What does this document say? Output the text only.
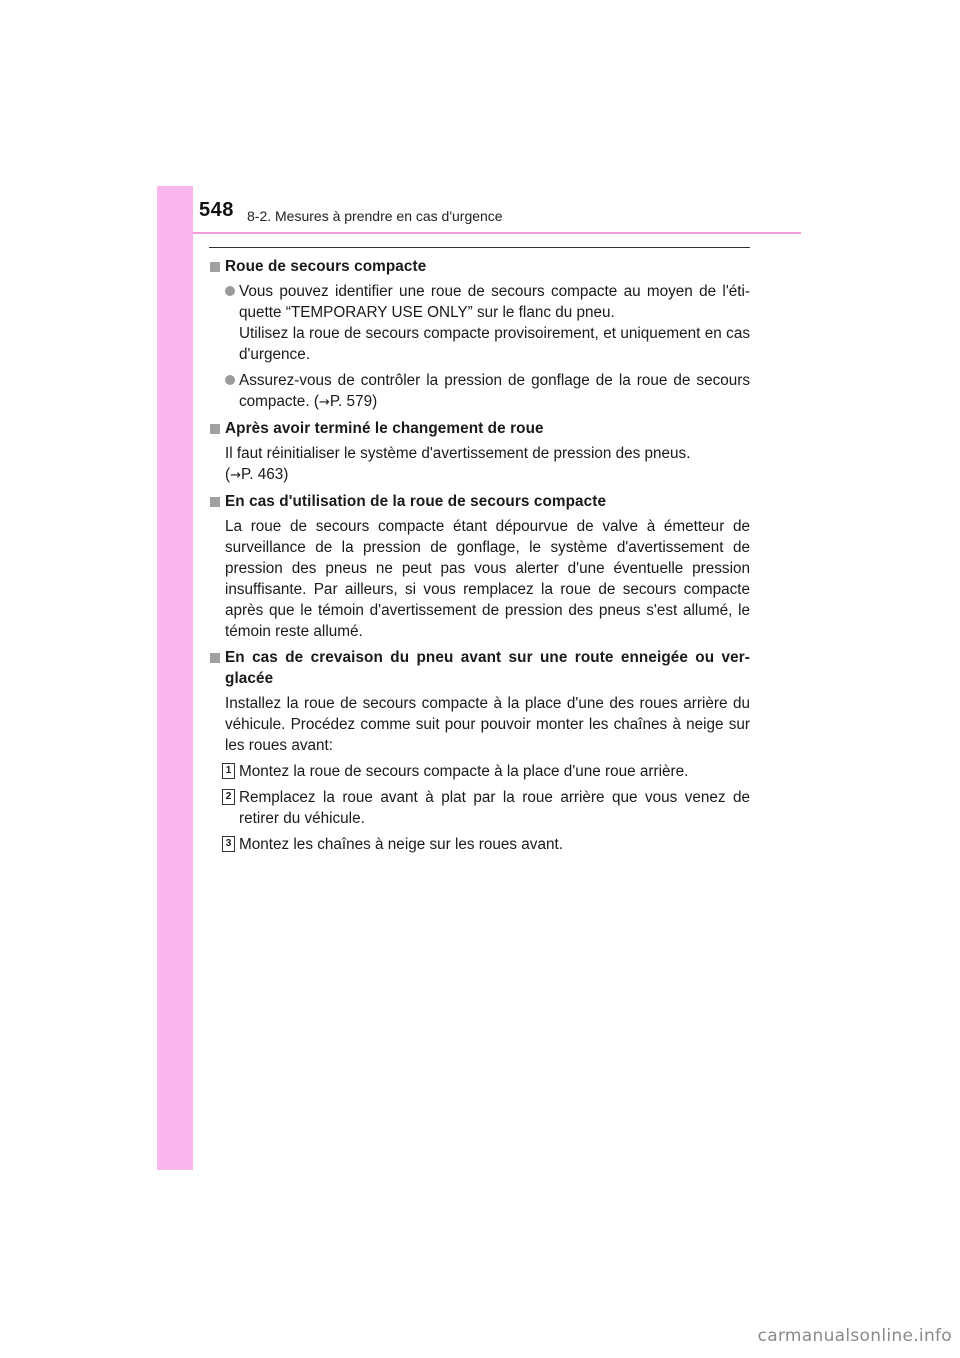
548 8-2. Mesures à prendre en cas d'urgence
Roue de secours compacte
Vous pouvez identifier une roue de secours compacte au moyen de l'éti-quette “TEMPORARY USE ONLY” sur le flanc du pneu.
Utilisez la roue de secours compacte provisoirement, et uniquement en cas d'urgence.
Assurez-vous de contrôler la pression de gonflage de la roue de secours compacte. (→P. 579)
Après avoir terminé le changement de roue
Il faut réinitialiser le système d'avertissement de pression des pneus.
(→P. 463)
En cas d'utilisation de la roue de secours compacte
La roue de secours compacte étant dépourvue de valve à émetteur de surveillance de la pression de gonflage, le système d'avertissement de pression des pneus ne peut pas vous alerter d'une éventuelle pression insuffisante. Par ailleurs, si vous remplacez la roue de secours compacte après que le témoin d'avertissement de pression des pneus s'est allumé, le témoin reste allumé.
En cas de crevaison du pneu avant sur une route enneigée ou ver-glacée
Installez la roue de secours compacte à la place d'une des roues arrière du véhicule. Procédez comme suit pour pouvoir monter les chaînes à neige sur les roues avant:
1 Montez la roue de secours compacte à la place d'une roue arrière.
2 Remplacez la roue avant à plat par la roue arrière que vous venez de retirer du véhicule.
3 Montez les chaînes à neige sur les roues avant.
carmanualsonline.info
